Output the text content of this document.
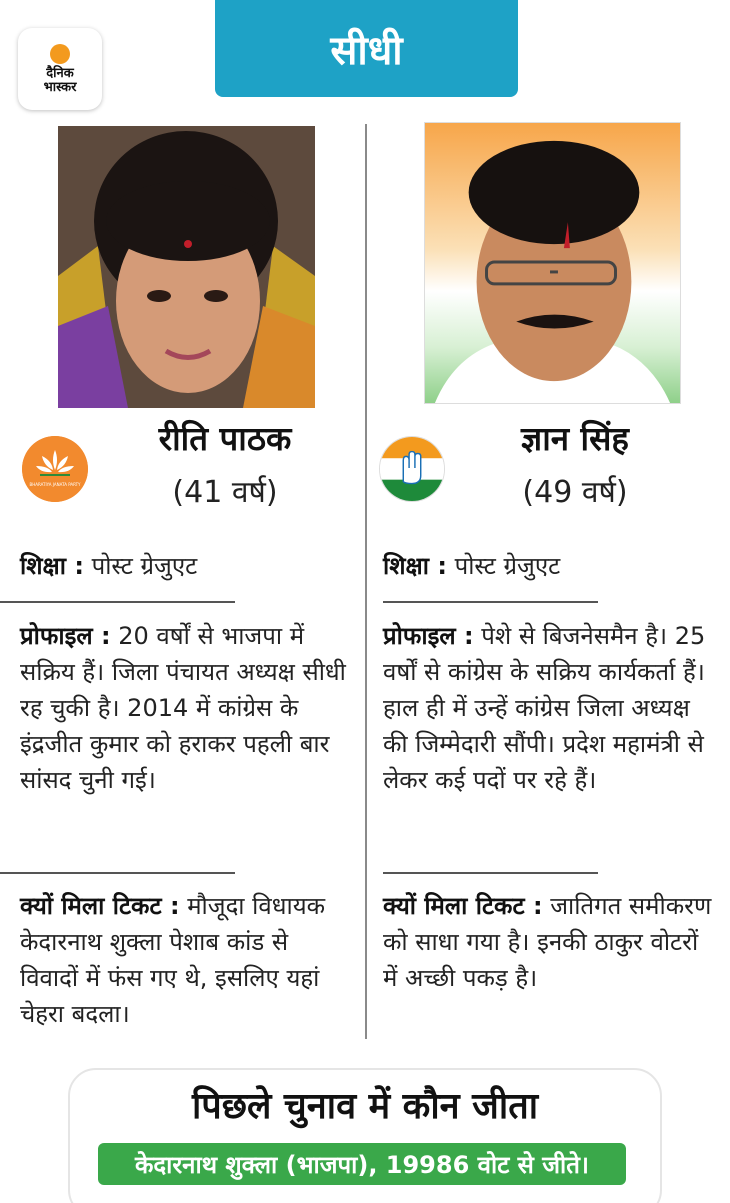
दैनिक
भास्कर
सीधी
BHARATIYA JANATA PARTY
रीति पाठक
(41 वर्ष)
ज्ञान सिंह
(49 वर्ष)
शिक्षा : पोस्ट ग्रेजुएट
प्रोफाइल : 20 वर्षों से भाजपा में सक्रिय हैं। जिला पंचायत अध्यक्ष सीधी रह चुकी है। 2014 में कांग्रेस के इंद्रजीत कुमार को हराकर पहली बार सांसद चुनी गई।
क्यों मिला टिकट : मौजूदा विधायक केदारनाथ शुक्ला पेशाब कांड से विवादों में फंस गए थे, इसलिए यहां चेहरा बदला।
शिक्षा : पोस्ट ग्रेजुएट
प्रोफाइल : पेशे से बिजनेसमैन है। 25 वर्षों से कांग्रेस के सक्रिय कार्यकर्ता हैं। हाल ही में उन्हें कांग्रेस जिला अध्यक्ष की जिम्मेदारी सौंपी। प्रदेश महामंत्री से लेकर कई पदों पर रहे हैं।
क्यों मिला टिकट : जातिगत समीकरण को साधा गया है। इनकी ठाकुर वोटरों में अच्छी पकड़ है।
पिछले चुनाव में कौन जीता
केदारनाथ शुक्ला (भाजपा), 19986 वोट से जीते।
